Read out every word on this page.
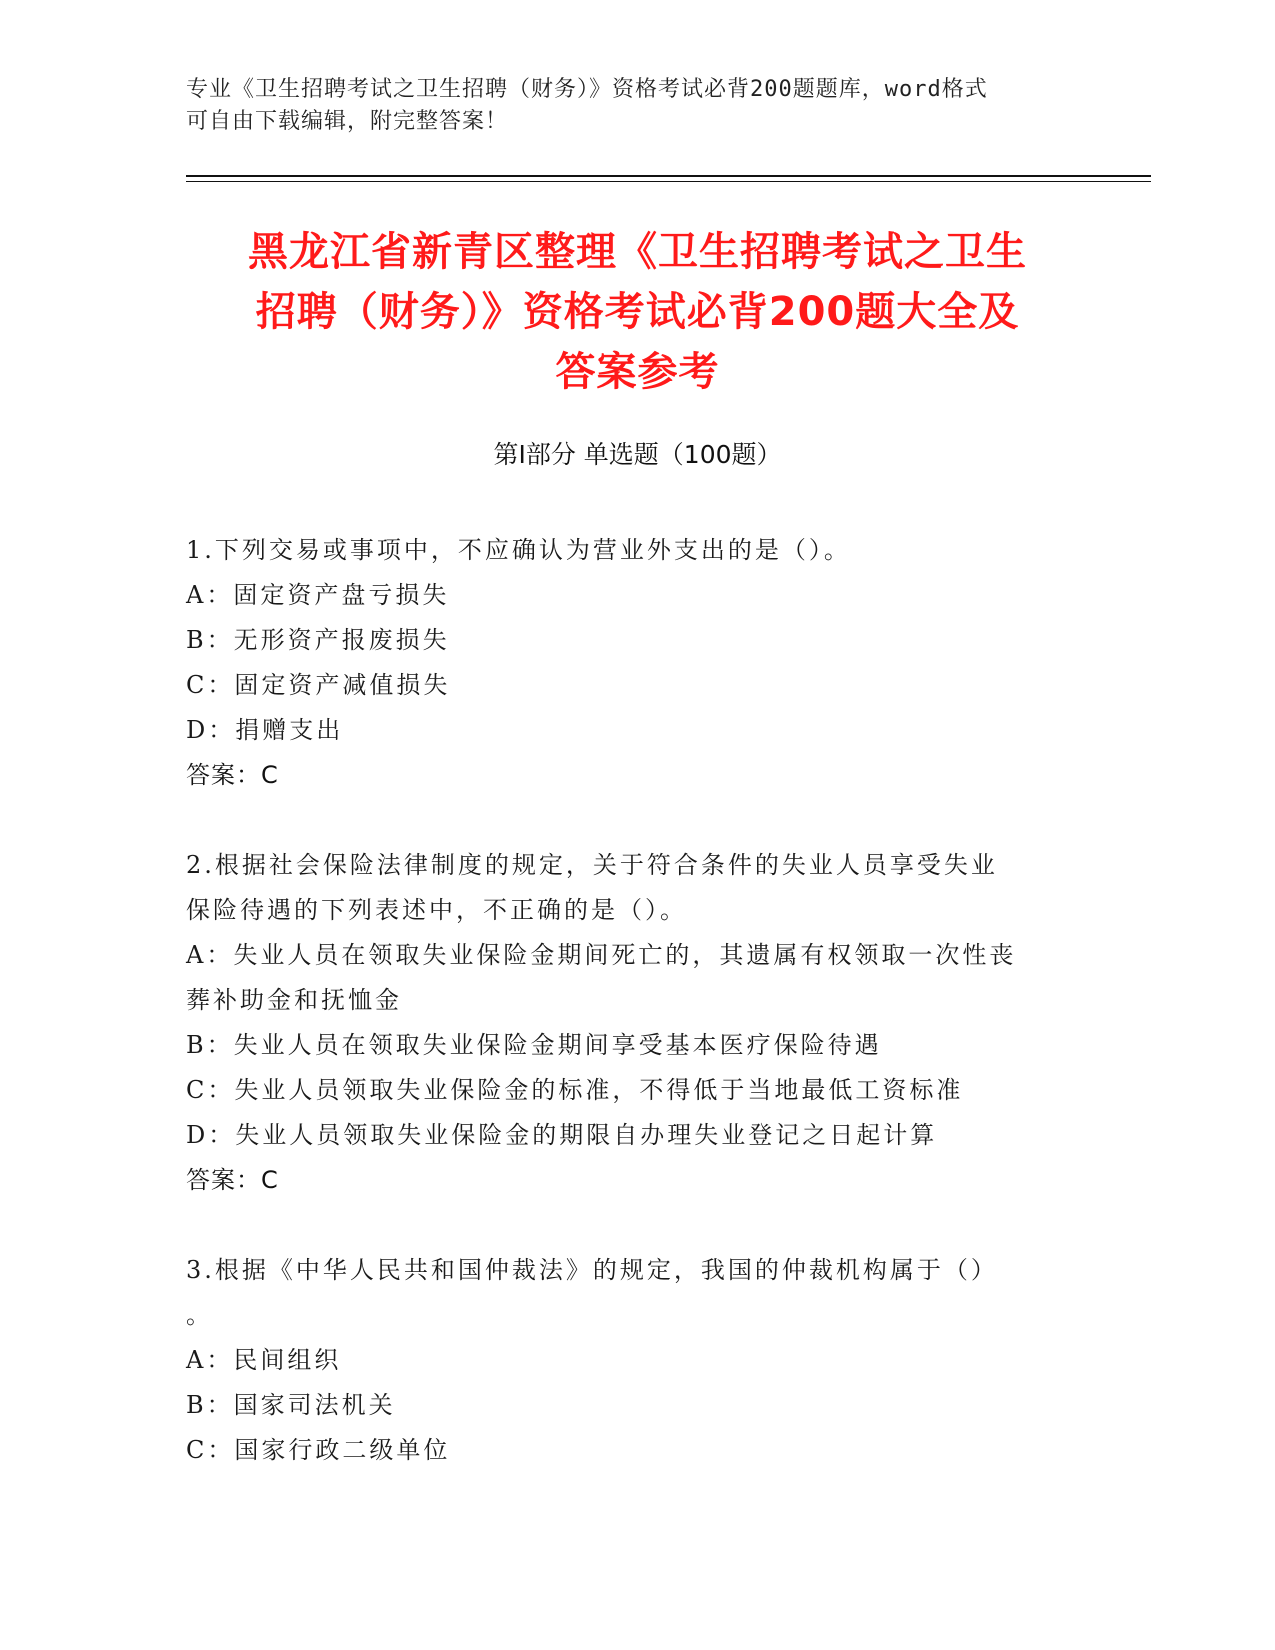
专业《卫生招聘考试之卫生招聘（财务）》资格考试必背200题题库，word格式
可自由下载编辑，附完整答案！
黑龙江省新青区整理《卫生招聘考试之卫生
招聘（财务）》资格考试必背200题大全及
答案参考
第Ⅰ部分 单选题（100题）
1.下列交易或事项中，不应确认为营业外支出的是（）。
A：固定资产盘亏损失
B：无形资产报废损失
C：固定资产减值损失
D：捐赠支出
答案：C
2.根据社会保险法律制度的规定，关于符合条件的失业人员享受失业
保险待遇的下列表述中，不正确的是（）。
A：失业人员在领取失业保险金期间死亡的，其遗属有权领取一次性丧
葬补助金和抚恤金
B：失业人员在领取失业保险金期间享受基本医疗保险待遇
C：失业人员领取失业保险金的标准，不得低于当地最低工资标准
D：失业人员领取失业保险金的期限自办理失业登记之日起计算
答案：C
3.根据《中华人民共和国仲裁法》的规定，我国的仲裁机构属于（）
。
A：民间组织
B：国家司法机关
C：国家行政二级单位
